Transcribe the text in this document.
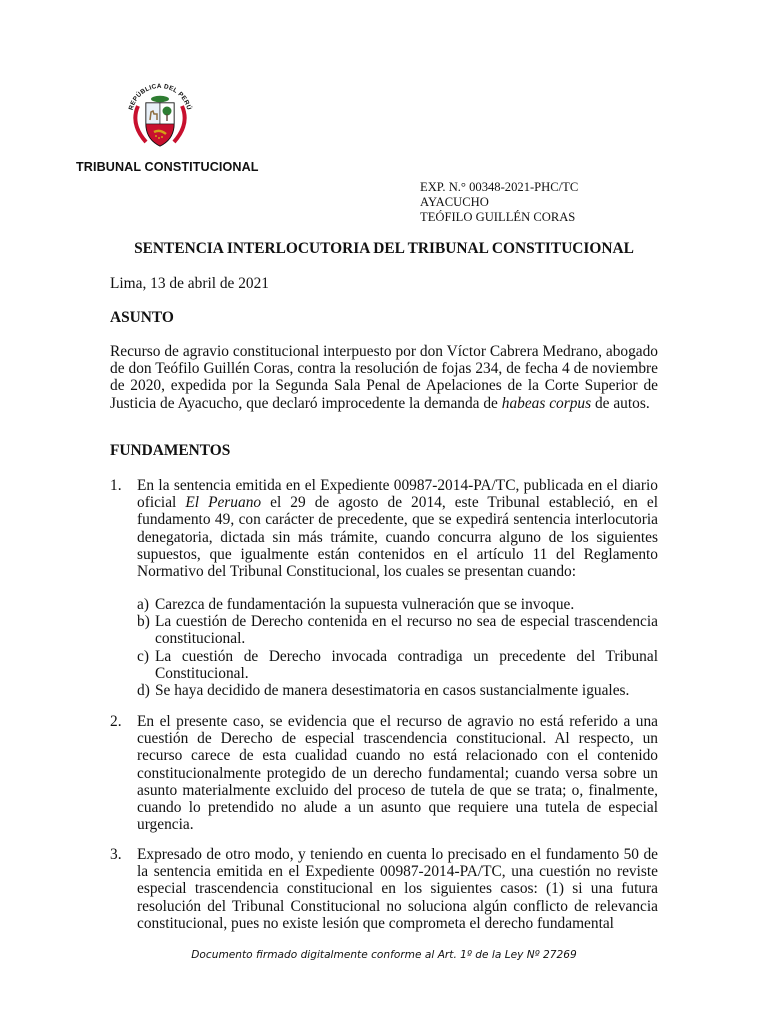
REPÚBLICA DEL PERÚ
TRIBUNAL CONSTITUCIONAL
EXP. N.° 00348-2021-PHC/TC
AYACUCHO
TEÓFILO GUILLÉN CORAS
SENTENCIA INTERLOCUTORIA DEL TRIBUNAL CONSTITUCIONAL
Lima, 13 de abril de 2021
ASUNTO
Recurso de agravio constitucional interpuesto por don Víctor Cabrera Medrano, abogado de don Teófilo Guillén Coras, contra la resolución de fojas 234, de fecha 4 de noviembre de 2020, expedida por la Segunda Sala Penal de Apelaciones de la Corte Superior de Justicia de Ayacucho, que declaró improcedente la demanda de habeas corpus de autos.
FUNDAMENTOS
1. En la sentencia emitida en el Expediente 00987-2014-PA/TC, publicada en el diario oficial El Peruano el 29 de agosto de 2014, este Tribunal estableció, en el fundamento 49, con carácter de precedente, que se expedirá sentencia interlocutoria denegatoria, dictada sin más trámite, cuando concurra alguno de los siguientes supuestos, que igualmente están contenidos en el artículo 11 del Reglamento Normativo del Tribunal Constitucional, los cuales se presentan cuando:
a) Carezca de fundamentación la supuesta vulneración que se invoque.
b) La cuestión de Derecho contenida en el recurso no sea de especial trascendencia constitucional.
c) La cuestión de Derecho invocada contradiga un precedente del Tribunal Constitucional.
d) Se haya decidido de manera desestimatoria en casos sustancialmente iguales.
2. En el presente caso, se evidencia que el recurso de agravio no está referido a una cuestión de Derecho de especial trascendencia constitucional. Al respecto, un recurso carece de esta cualidad cuando no está relacionado con el contenido constitucionalmente protegido de un derecho fundamental; cuando versa sobre un asunto materialmente excluido del proceso de tutela de que se trata; o, finalmente, cuando lo pretendido no alude a un asunto que requiere una tutela de especial urgencia.
3. Expresado de otro modo, y teniendo en cuenta lo precisado en el fundamento 50 de la sentencia emitida en el Expediente 00987-2014-PA/TC, una cuestión no reviste especial trascendencia constitucional en los siguientes casos: (1) si una futura resolución del Tribunal Constitucional no soluciona algún conflicto de relevancia constitucional, pues no existe lesión que comprometa el derecho fundamental
Documento firmado digitalmente conforme al Art. 1º de la Ley Nº 27269
